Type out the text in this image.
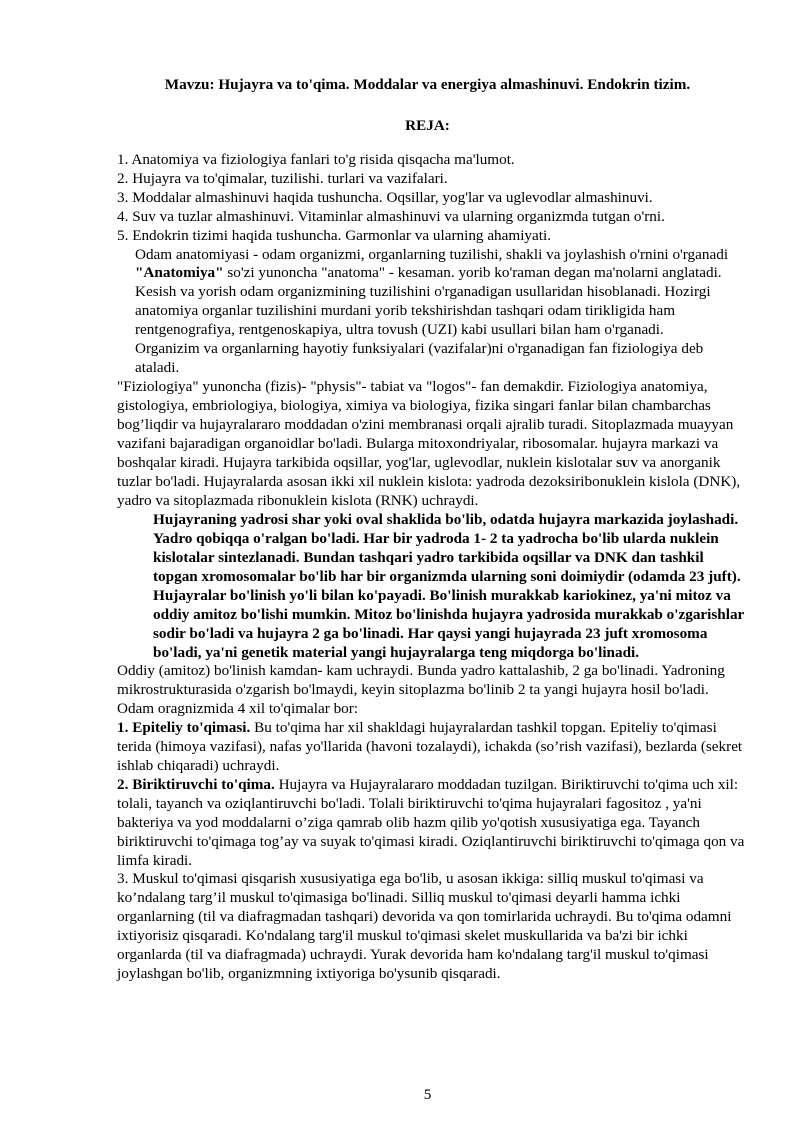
Mavzu: Hujayra va to'qima. Moddalar va energiya almashinuvi. Endokrin tizim.
REJA:

1. Anatomiya va fiziologiya fanlari to'g risida qisqacha ma'lumot.

2. Hujayra va to'qimalar, tuzilishi. turlari va vazifalari.

3. Moddalar almashinuvi haqida tushuncha. Oqsillar, yog'lar va uglevodlar almashinuvi.

4. Suv va tuzlar almashinuvi. Vitaminlar almashinuvi va ularning organizmda tutgan o'rni.

5. Endokrin tizimi haqida tushuncha. Garmonlar va ularning ahamiyati.

Odam anatomiyasi - odam organizmi, organlarning tuzilishi, shakli va joylashish o'rnini o'rganadi "Anatomiya" so'zi yunoncha "anatoma" - kesaman. yorib ko'raman degan ma'nolarni anglatadi. Kesish va yorish odam organizmining tuzilishini o'rganadigan usullaridan hisoblanadi. Hozirgi anatomiya organlar tuzilishini murdani yorib tekshirishdan tashqari odam tirikligida ham rentgenografiya, rentgenoskapiya, ultra tovush (UZI) kabi usullari bilan ham o'rganadi.

Organizim va organlarning hayotiy funksiyalari (vazifalar)ni o'rganadigan fan fiziologiya deb ataladi.

"Fiziologiya" yunoncha (fizis)- "physis"- tabiat va "logos"- fan demakdir. Fiziologiya anatomiya, gistologiya, embriologiya, biologiya, ximiya va biologiya, fizika singari fanlar bilan chambarchas bog’liqdir va hujayralararo moddadan o'zini membranasi orqali ajralib turadi. Sitoplazmada muayyan vazifani bajaradigan organoidlar bo'ladi. Bularga mitoxondriyalar, ribosomalar. hujayra markazi va boshqalar kiradi. Hujayra tarkibida oqsillar, yog'lar, uglevodlar, nuklein kislotalar SUV va anorganik tuzlar bo'ladi. Hujayralarda asosan ikki xil nuklein kislota: yadroda dezoksiribonuklein kislola (DNK), yadro va sitoplazmada ribonuklein kislota (RNK) uchraydi.

Hujayraning yadrosi shar yoki oval shaklida bo'lib, odatda hujayra markazida joylashadi. Yadro qobiqqa o'ralgan bo'ladi. Har bir yadroda 1- 2 ta yadrocha bo'lib ularda nuklein kislotalar sintezlanadi. Bundan tashqari yadro tarkibida oqsillar va DNK dan tashkil topgan xromosomalar bo'lib har bir organizmda ularning soni doimiydir (odamda 23 juft). Hujayralar bo'linish yo'li bilan ko'payadi. Bo'linish murakkab kariokinez, ya'ni mitoz va oddiy amitoz bo'lishi mumkin. Mitoz bo'linishda hujayra yadrosida murakkab o'zgarishlar sodir bo'ladi va hujayra 2 ga bo'linadi. Har qaysi yangi hujayrada 23 juft xromosoma bo'ladi, ya'ni genetik material yangi hujayralarga teng miqdorga bo'linadi.

Oddiy (amitoz) bo'linish kamdan- kam uchraydi. Bunda yadro kattalashib, 2 ga bo'linadi. Yadroning mikrostrukturasida o'zgarish bo'lmaydi, keyin sitoplazma bo'linib 2 ta yangi hujayra hosil bo'ladi.

Odam oragnizmida 4 xil to'qimalar bor:

1. Epiteliy to'qimasi. Bu to'qima har xil shakldagi hujayralardan tashkil topgan. Epiteliy to'qimasi terida (himoya vazifasi), nafas yo'llarida (havoni tozalaydi), ichakda (so’rish vazifasi), bezlarda (sekret ishlab chiqaradi) uchraydi.

2. Biriktiruvchi to'qima. Hujayra va Hujayralararo moddadan tuzilgan. Biriktiruvchi to'qima uch xil: tolali, tayanch va oziqlantiruvchi bo'ladi. Tolali biriktiruvchi to'qima hujayralari fagositoz , ya'ni bakteriya va yod moddalarni o’ziga qamrab olib hazm qilib yo'qotish xususiyatiga ega. Tayanch biriktiruvchi to'qimaga tog’ay va suyak to'qimasi kiradi. Oziqlantiruvchi biriktiruvchi to'qimaga qon va limfa kiradi.

3. Muskul to'qimasi qisqarish xususiyatiga ega bo'lib, u asosan ikkiga: silliq muskul to'qimasi va ko’ndalang targ’il muskul to'qimasiga bo'linadi. Silliq muskul to'qimasi deyarli hamma ichki organlarning (til va diafragmadan tashqari) devorida va qon tomirlarida uchraydi. Bu to'qima odamni ixtiyorisiz qisqaradi. Ko'ndalang targ'il muskul to'qimasi skelet muskullarida va ba'zi bir ichki organlarda (til va diafragmada) uchraydi. Yurak devorida ham ko'ndalang targ'il muskul to'qimasi joylashgan bo'lib, organizmning ixtiyoriga bo'ysunib qisqaradi.

5
